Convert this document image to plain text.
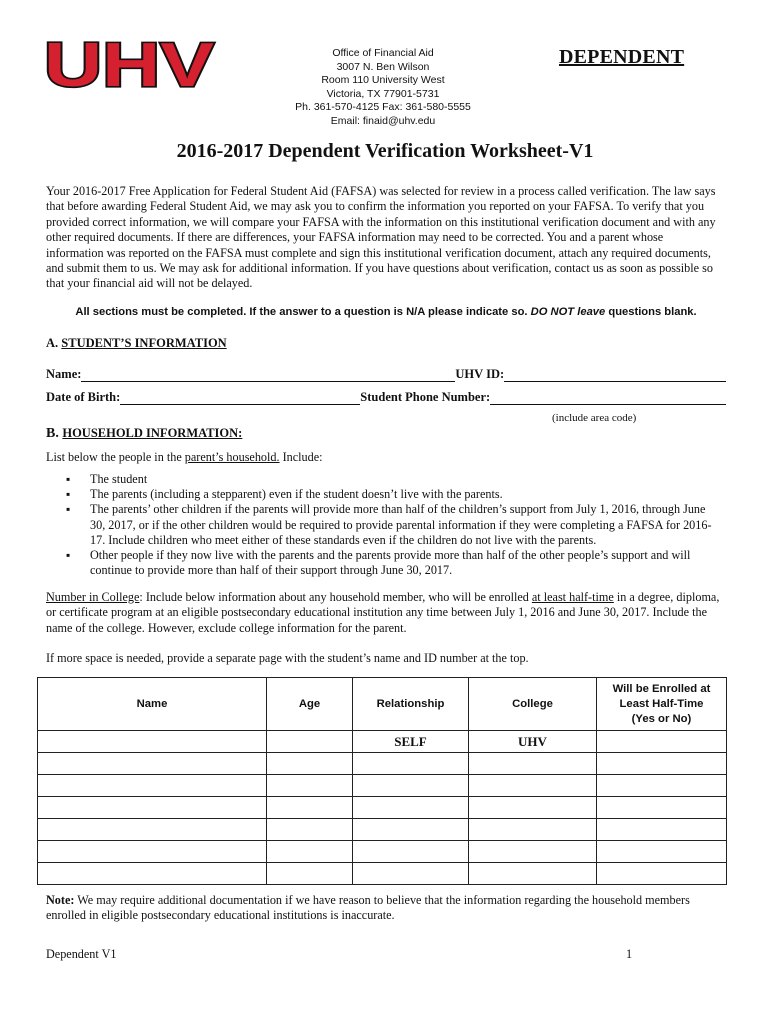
UHV	Office of Financial Aid
3007 N. Ben Wilson
Room 110 University West
Victoria, TX 77901-5731
Ph. 361-570-4125 Fax: 361-580-5555
Email: finaid@uhv.edu
DEPENDENT
2016-2017 Dependent Verification Worksheet-V1
Your 2016-2017 Free Application for Federal Student Aid (FAFSA) was selected for review in a process called verification. The law says that before awarding Federal Student Aid, we may ask you to confirm the information you reported on your FAFSA. To verify that you provided correct information, we will compare your FAFSA with the information on this institutional verification document and with any other required documents. If there are differences, your FAFSA information may need to be corrected. You and a parent whose information was reported on the FAFSA must complete and sign this institutional verification document, attach any required documents, and submit them to us. We may ask for additional information. If you have questions about verification, contact us as soon as possible so that your financial aid will not be delayed.
All sections must be completed. If the answer to a question is N/A please indicate so. DO NOT leave questions blank.
A. STUDENT’S INFORMATION
Name:	UHV ID:
Date of Birth:	Student Phone Number:
(include area code)
B. HOUSEHOLD INFORMATION:
List below the people in the parent’s household. Include:
▪ The student
▪ The parents (including a stepparent) even if the student doesn’t live with the parents.
▪ The parents’ other children if the parents will provide more than half of the children’s support from July 1, 2016, through June 30, 2017, or if the other children would be required to provide parental information if they were completing a FAFSA for 2016-17. Include children who meet either of these standards even if the children do not live with the parents.
▪ Other people if they now live with the parents and the parents provide more than half of the other people’s support and will continue to provide more than half of their support through June 30, 2017.
Number in College: Include below information about any household member, who will be enrolled at least half-time in a degree, diploma, or certificate program at an eligible postsecondary educational institution any time between July 1, 2016 and June 30, 2017. Include the name of the college. However, exclude college information for the parent.
If more space is needed, provide a separate page with the student’s name and ID number at the top.
Name	Age	Relationship	College	Will be Enrolled at
Least Half-Time
(Yes or No)

		SELF	UHV	

Note: We may require additional documentation if we have reason to believe that the information regarding the household members enrolled in eligible postsecondary educational institutions is inaccurate.
Dependent V1	1
